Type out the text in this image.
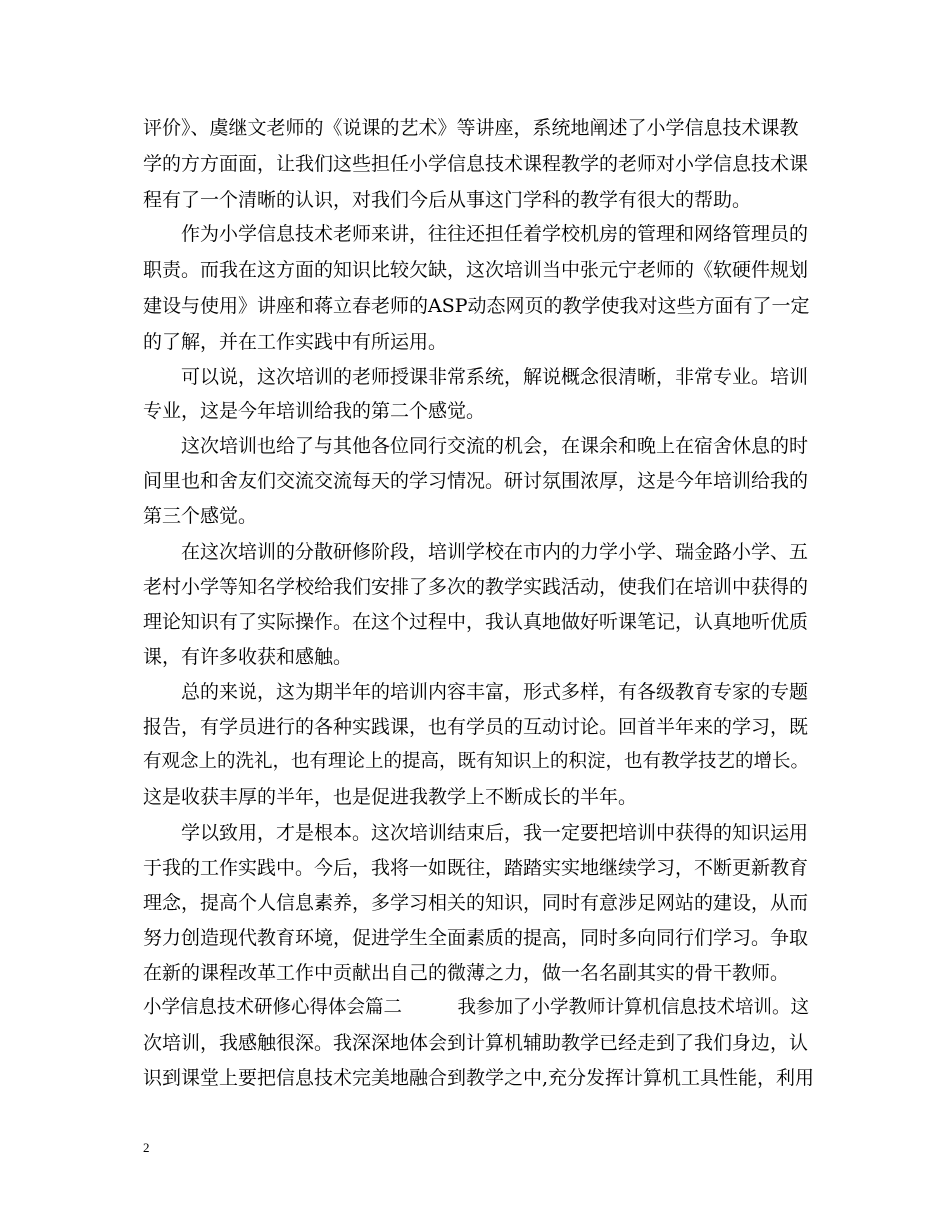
评价》、虞继文老师的《说课的艺术》等讲座，系统地阐述了小学信息技术课教
学的方方面面，让我们这些担任小学信息技术课程教学的老师对小学信息技术课
程有了一个清晰的认识，对我们今后从事这门学科的教学有很大的帮助。
　　作为小学信息技术老师来讲，往往还担任着学校机房的管理和网络管理员的
职责。而我在这方面的知识比较欠缺，这次培训当中张元宁老师的《软硬件规划
建设与使用》讲座和蒋立春老师的ASP动态网页的教学使我对这些方面有了一定
的了解，并在工作实践中有所运用。
　　可以说，这次培训的老师授课非常系统，解说概念很清晰，非常专业。培训
专业，这是今年培训给我的第二个感觉。
　　这次培训也给了与其他各位同行交流的机会，在课余和晚上在宿舍休息的时
间里也和舍友们交流交流每天的学习情况。研讨氛围浓厚，这是今年培训给我的
第三个感觉。
　　在这次培训的分散研修阶段，培训学校在市内的力学小学、瑞金路小学、五
老村小学等知名学校给我们安排了多次的教学实践活动，使我们在培训中获得的
理论知识有了实际操作。在这个过程中，我认真地做好听课笔记，认真地听优质
课，有许多收获和感触。
　　总的来说，这为期半年的培训内容丰富，形式多样，有各级教育专家的专题
报告，有学员进行的各种实践课，也有学员的互动讨论。回首半年来的学习，既
有观念上的洗礼，也有理论上的提高，既有知识上的积淀，也有教学技艺的增长。
这是收获丰厚的半年，也是促进我教学上不断成长的半年。
　　学以致用，才是根本。这次培训结束后，我一定要把培训中获得的知识运用
于我的工作实践中。今后，我将一如既往，踏踏实实地继续学习，不断更新教育
理念，提高个人信息素养，多学习相关的知识，同时有意涉足网站的建设，从而
努力创造现代教育环境，促进学生全面素质的提高，同时多向同行们学习。争取
在新的课程改革工作中贡献出自己的微薄之力，做一名名副其实的骨干教师。
小学信息技术研修心得体会篇二　　　我参加了小学教师计算机信息技术培训。这
次培训，我感触很深。我深深地体会到计算机辅助教学已经走到了我们身边，认
识到课堂上要把信息技术完美地融合到教学之中,充分发挥计算机工具性能，利用
2
